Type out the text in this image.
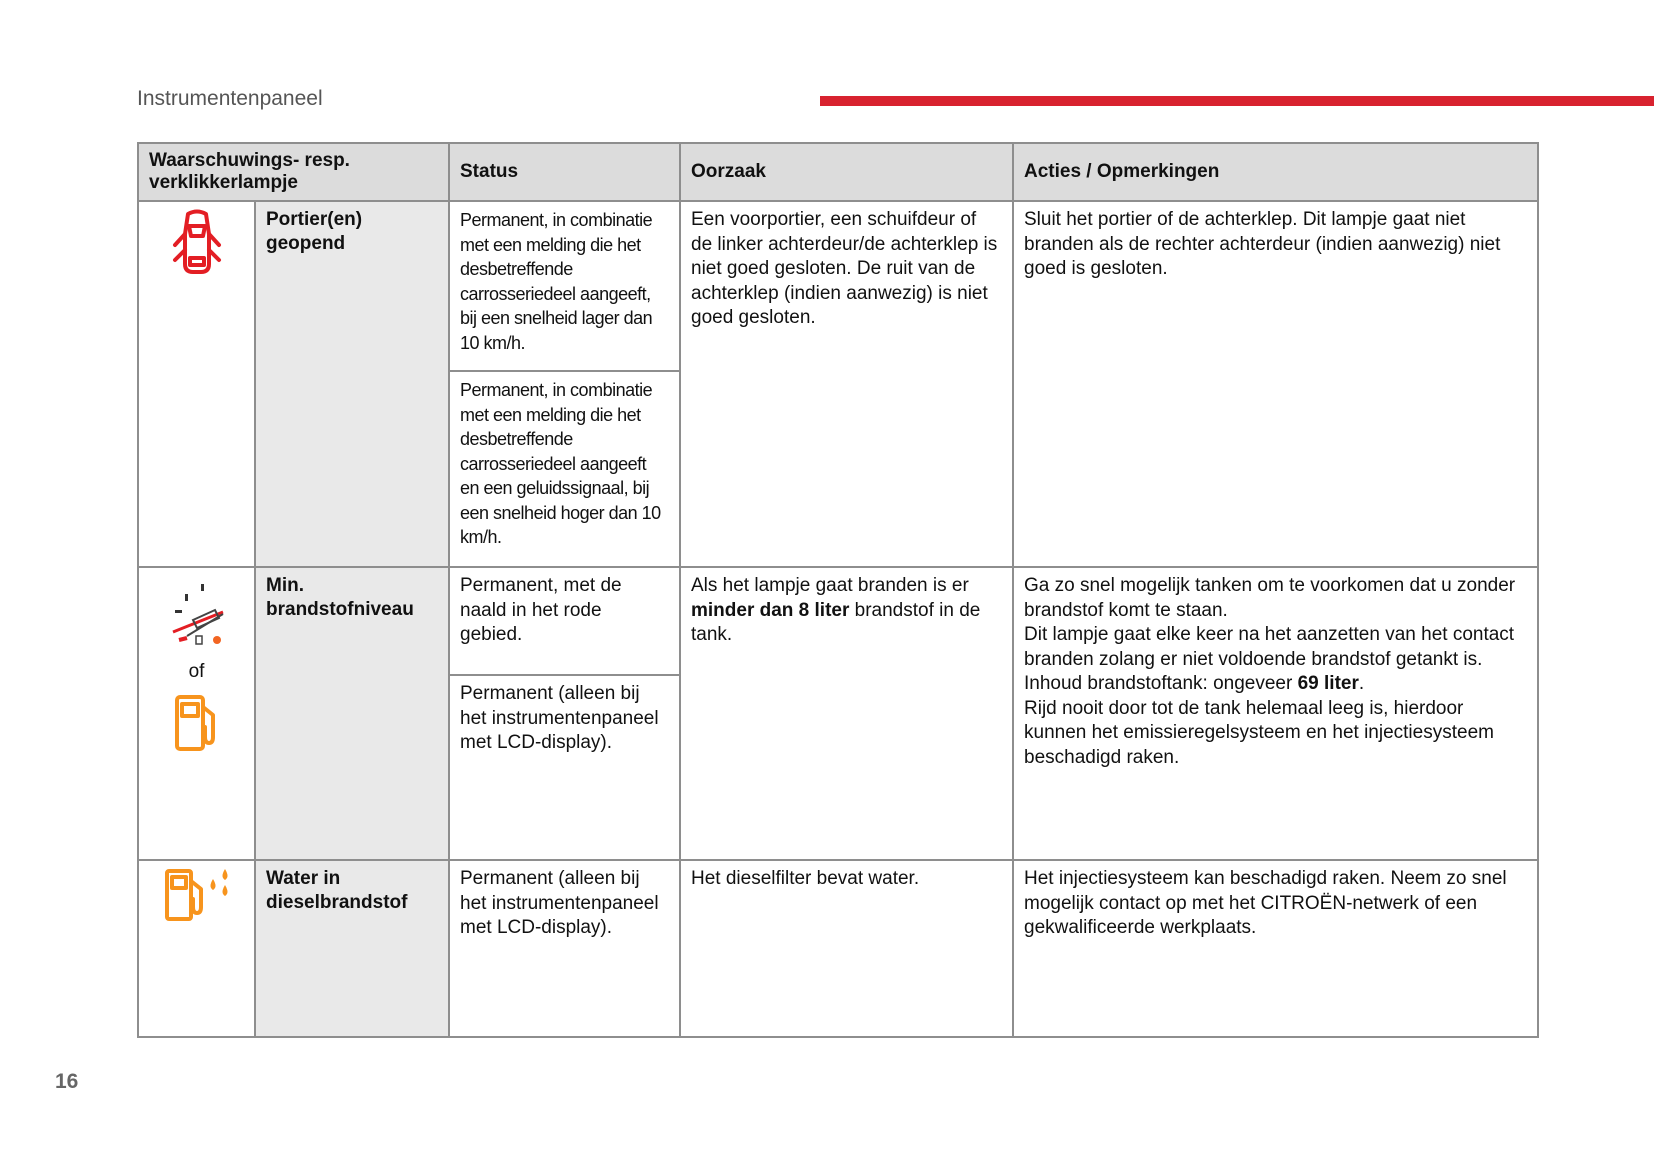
Instrumentenpaneel
Waarschuwings- resp. verklikkerlampje		Status	Oorzaak	Acties / Opmerkingen
	Portier(en) geopend	Permanent, in combinatie met een melding die het desbetreffende carrosseriedeel aangeeft, bij een snelheid lager dan 10 km/h.	Een voorportier, een schuifdeur of de linker achterdeur/de achterklep is niet goed gesloten. De ruit van de achterklep (indien aanwezig) is niet goed gesloten.	Sluit het portier of de achterklep. Dit lampje gaat niet branden als de rechter achterdeur (indien aanwezig) niet goed is gesloten.
		Permanent, in combinatie met een melding die het desbetreffende carrosseriedeel aangeeft en een geluidssignaal, bij een snelheid hoger dan 10 km/h.		

of	Min. brandstofniveau	Permanent, met de naald in het rode gebied.	Als het lampje gaat branden is er minder dan 8 liter brandstof in de tank.	Ga zo snel mogelijk tanken om te voorkomen dat u zonder brandstof komt te staan.
Dit lampje gaat elke keer na het aanzetten van het contact branden zolang er niet voldoende brandstof getankt is.
Inhoud brandstoftank: ongeveer 69 liter.
Rijd nooit door tot de tank helemaal leeg is, hierdoor kunnen het emissieregelsysteem en het injectiesysteem beschadigd raken.
		Permanent (alleen bij het instrumentenpaneel met LCD-display).		
	Water in dieselbrandstof	Permanent (alleen bij het instrumentenpaneel met LCD-display).	Het dieselfilter bevat water.	Het injectiesysteem kan beschadigd raken. Neem zo snel mogelijk contact op met het CITROËN-netwerk of een gekwalificeerde werkplaats.
16
